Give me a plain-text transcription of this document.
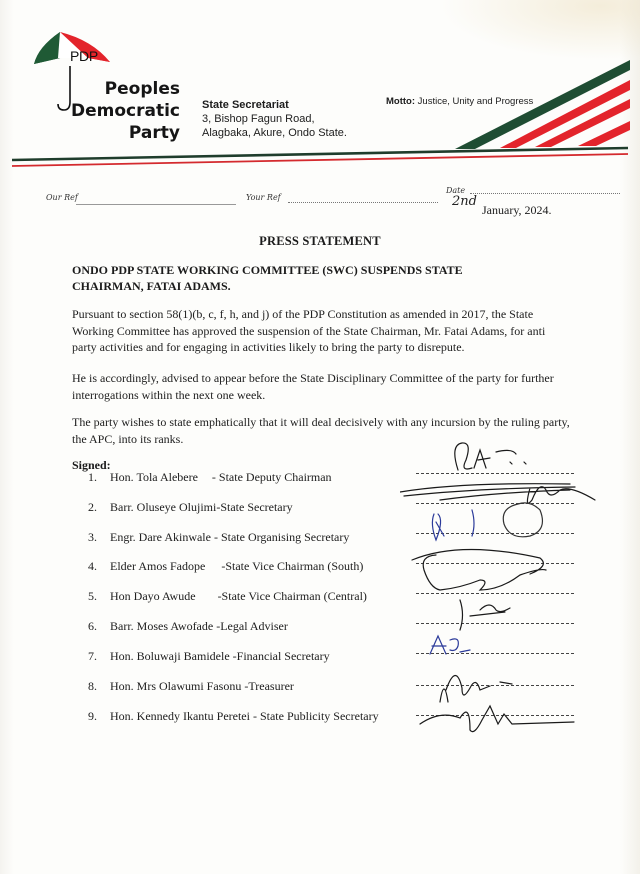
PDP
Peoples
Democratic
Party
State Secretariat
3, Bishop Fagun Road,
Alagbaka, Akure, Ondo State.
Motto: Justice, Unity and Progress
Our Ref	Your Ref
Date
2nd
January, 2024.
PRESS STATEMENT
ONDO PDP STATE WORKING COMMITTEE (SWC) SUSPENDS STATE CHAIRMAN, FATAI ADAMS.
Pursuant to section 58(1)(b, c, f, h, and j) of the PDP Constitution as amended in 2017, the State Working Committee has approved the suspension of the State Chairman, Mr. Fatai Adams, for anti party activities and for engaging in activities likely to bring the party to disrepute.
He is accordingly, advised to appear before the State Disciplinary Committee of the party for further interrogations within the next one week.
The party wishes to state emphatically that it will deal decisively with any incursion by the ruling party, the APC, into its ranks.
Signed:
1. Hon. Tola Alebere - State Deputy Chairman
2. Barr. Oluseye Olujimi-State Secretary
3. Engr. Dare Akinwale - State Organising Secretary
4. Elder Amos Fadope -State Vice Chairman (South)
5. Hon Dayo Awude -State Vice Chairman (Central)
6. Barr. Moses Awofade -Legal Adviser
7. Hon. Boluwaji Bamidele -Financial Secretary
8. Hon. Mrs Olawumi Fasonu -Treasurer
9. Hon. Kennedy Ikantu Peretei - State Publicity Secretary
